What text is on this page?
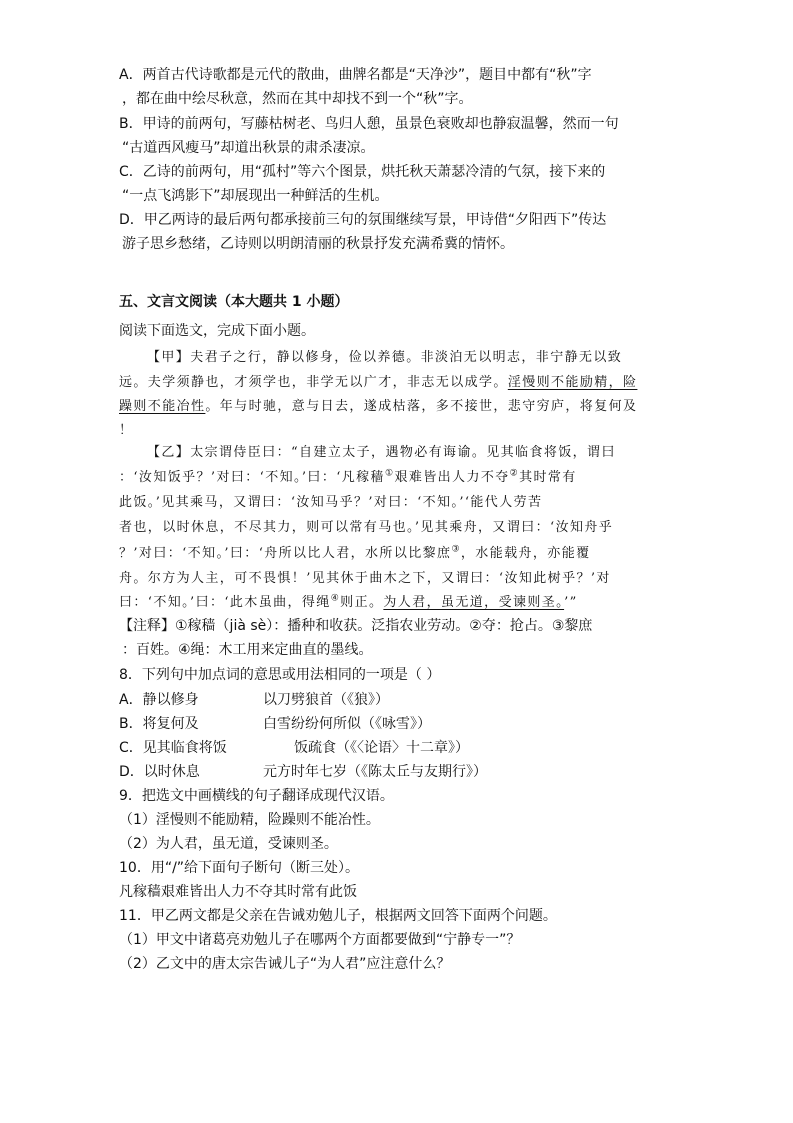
A．两首古代诗歌都是元代的散曲，曲牌名都是“天净沙”，题目中都有“秋”字
，都在曲中绘尽秋意，然而在其中却找不到一个“秋”字。
B．甲诗的前两句，写藤枯树老、鸟归人憩，虽景色衰败却也静寂温馨，然而一句
“古道西风瘦马”却道出秋景的肃杀凄凉。
C．乙诗的前两句，用“孤村”等六个图景，烘托秋天萧瑟冷清的气氛，接下来的
“一点飞鸿影下”却展现出一种鲜活的生机。
D．甲乙两诗的最后两句都承接前三句的氛围继续写景，甲诗借“夕阳西下”传达
游子思乡愁绪，乙诗则以明朗清丽的秋景抒发充满希冀的情怀。
五、文言文阅读（本大题共 1 小题）
阅读下面选文，完成下面小题。
【甲】夫君子之行，静以修身，俭以养德。非淡泊无以明志，非宁静无以致
远。夫学须静也，才须学也，非学无以广才，非志无以成学。淫慢则不能励精，险
躁则不能冶性。年与时驰，意与日去，遂成枯落，多不接世，悲守穷庐，将复何及
！
【乙】太宗谓侍臣曰：“自建立太子，遇物必有诲谕。见其临食将饭，谓曰
：‘汝知饭乎？’对曰：‘不知。’曰：‘凡稼穑①艰难皆出人力不夺②其时常有
此饭。’见其乘马，又谓曰：‘汝知马乎？’对曰：‘不知。’‘能代人劳苦
者也，以时休息，不尽其力，则可以常有马也。’见其乘舟，又谓曰：‘汝知舟乎
？’对曰：‘不知。’曰：‘舟所以比人君，水所以比黎庶③，水能载舟，亦能覆
舟。尔方为人主，可不畏惧！’见其休于曲木之下，又谓曰：‘汝知此树乎？’对
曰：‘不知。’曰：‘此木虽曲，得绳④则正。为人君，虽无道，受谏则圣。’”
【注释】①稼穑（jià sè）：播种和收获。泛指农业劳动。②夺：抢占。③黎庶
：百姓。④绳：木工用来定曲直的墨线。
8．下列句中加点词的意思或用法相同的一项是（ ）
A．静以修身	以刀劈狼首（《狼》）
B．将复何及	白雪纷纷何所似（《咏雪》）
C．见其临食将饭	饭疏食（《〈论语〉十二章》）
D．以时休息	元方时年七岁（《陈太丘与友期行》）
9．把选文中画横线的句子翻译成现代汉语。
（1）淫慢则不能励精，险躁则不能冶性。
（2）为人君，虽无道，受谏则圣。
10．用“/”给下面句子断句（断三处）。
凡稼穑艰难皆出人力不夺其时常有此饭
11．甲乙两文都是父亲在告诫劝勉儿子，根据两文回答下面两个问题。
（1）甲文中诸葛亮劝勉儿子在哪两个方面都要做到“宁静专一”？
（2）乙文中的唐太宗告诫儿子“为人君”应注意什么？
